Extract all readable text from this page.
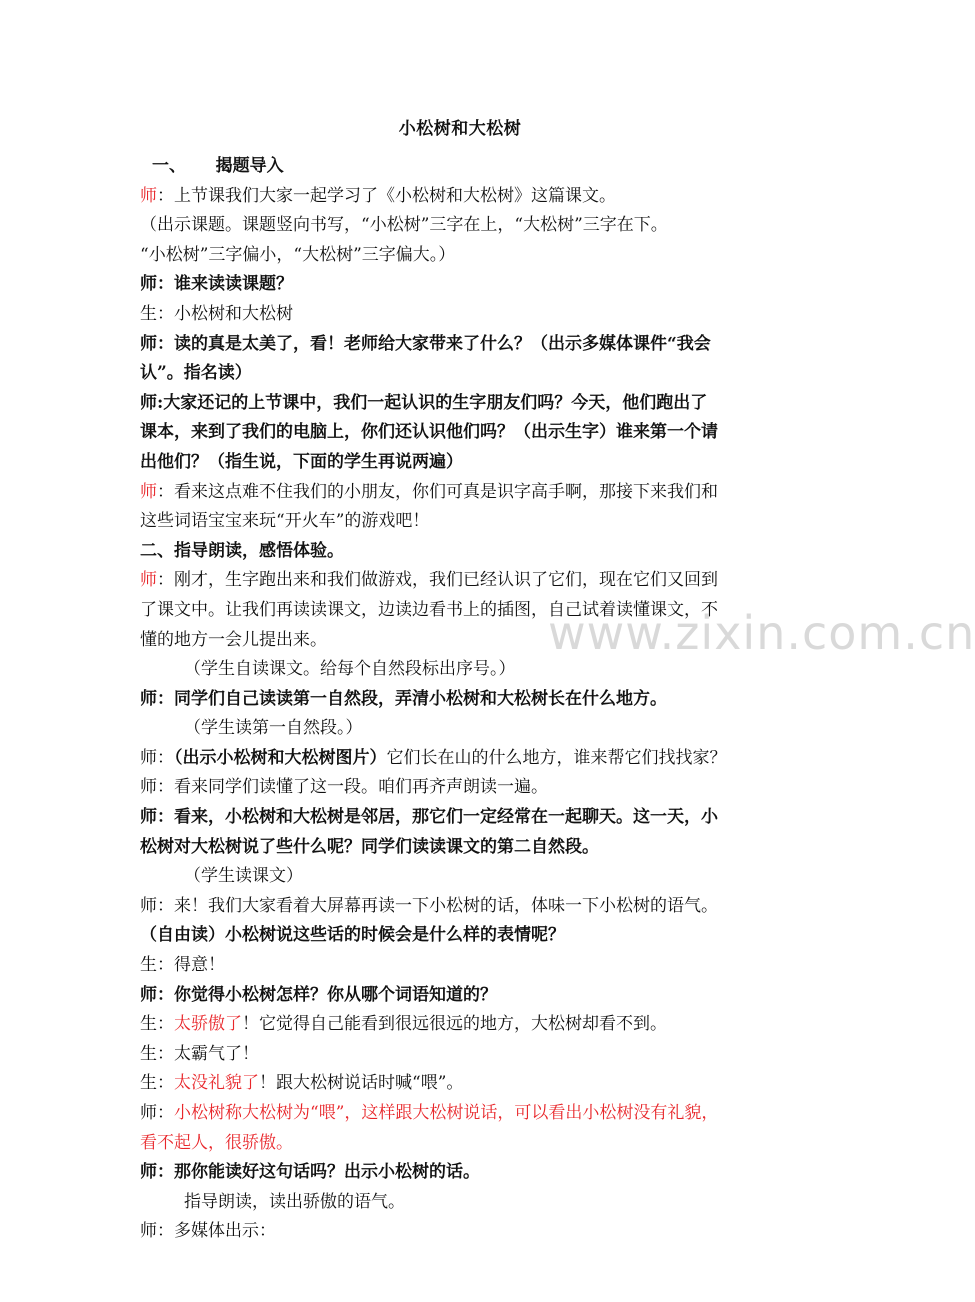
小松树和大松树

一、     揭题导入

师：上节课我们大家一起学习了《小松树和大松树》这篇课文。

（出示课题。课题竖向书写，“小松树”三字在上，“大松树”三字在下。

“小松树”三字偏小，“大松树”三字偏大。）

师：谁来读读课题？

生：小松树和大松树

师：读的真是太美了，看！老师给大家带来了什么？（出示多媒体课件“我会

认”。指名读）

师:大家还记的上节课中，我们一起认识的生字朋友们吗？今天，他们跑出了

课本，来到了我们的电脑上，你们还认识他们吗？（出示生字）谁来第一个请

出他们？（指生说，下面的学生再说两遍）

师：看来这点难不住我们的小朋友，你们可真是识字高手啊，那接下来我们和

这些词语宝宝来玩“开火车”的游戏吧！

二、指导朗读，感悟体验。

师：刚才，生字跑出来和我们做游戏，我们已经认识了它们，现在它们又回到

了课文中。让我们再读读课文，边读边看书上的插图，自己试着读懂课文，不

懂的地方一会儿提出来。

（学生自读课文。给每个自然段标出序号。）

师：同学们自己读读第一自然段，弄清小松树和大松树长在什么地方。

（学生读第一自然段。）

师：（出示小松树和大松树图片）它们长在山的什么地方，谁来帮它们找找家？

师：看来同学们读懂了这一段。咱们再齐声朗读一遍。

师：看来，小松树和大松树是邻居，那它们一定经常在一起聊天。这一天，小

松树对大松树说了些什么呢？同学们读读课文的第二自然段。

（学生读课文）

师：来！我们大家看着大屏幕再读一下小松树的话，体味一下小松树的语气。

（自由读）小松树说这些话的时候会是什么样的表情呢？

生：得意！

师：你觉得小松树怎样？你从哪个词语知道的？

生：太骄傲了！它觉得自己能看到很远很远的地方，大松树却看不到。

生：太霸气了！

生：太没礼貌了！跟大松树说话时喊“喂”。

师：小松树称大松树为“喂”，这样跟大松树说话，可以看出小松树没有礼貌，

看不起人，很骄傲。

师：那你能读好这句话吗？出示小松树的话。

指导朗读，读出骄傲的语气。

师：多媒体出示：

www.zixin.com.cn
